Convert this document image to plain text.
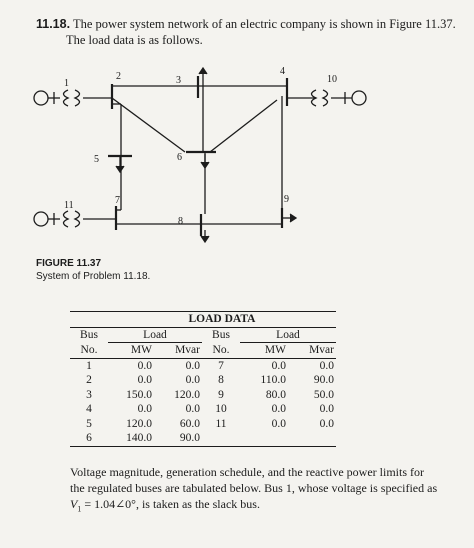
11.18. The power system network of an electric company is shown in Figure 11.37.
The load data is as follows.
1
2	3
4
5	6
7
8
9
10
11
FIGURE 11.37
System of Problem 11.18.
LOAD DATA					
Bus	Load		Bus	Load	
No.	MW	Mvar	No.	MW	Mvar
1	0.0	0.0	7	0.0	0.0
2	0.0	0.0	8	110.0	90.0
3	150.0	120.0	9	80.0	50.0
4	0.0	0.0	10	0.0	0.0
5	120.0	60.0	11	0.0	0.0
6	140.0	90.0			
Voltage magnitude, generation schedule, and the reactive power limits for
the regulated buses are tabulated below. Bus 1, whose voltage is specified as
$V_1$ = 1.04∠0°, is taken as the slack bus.
